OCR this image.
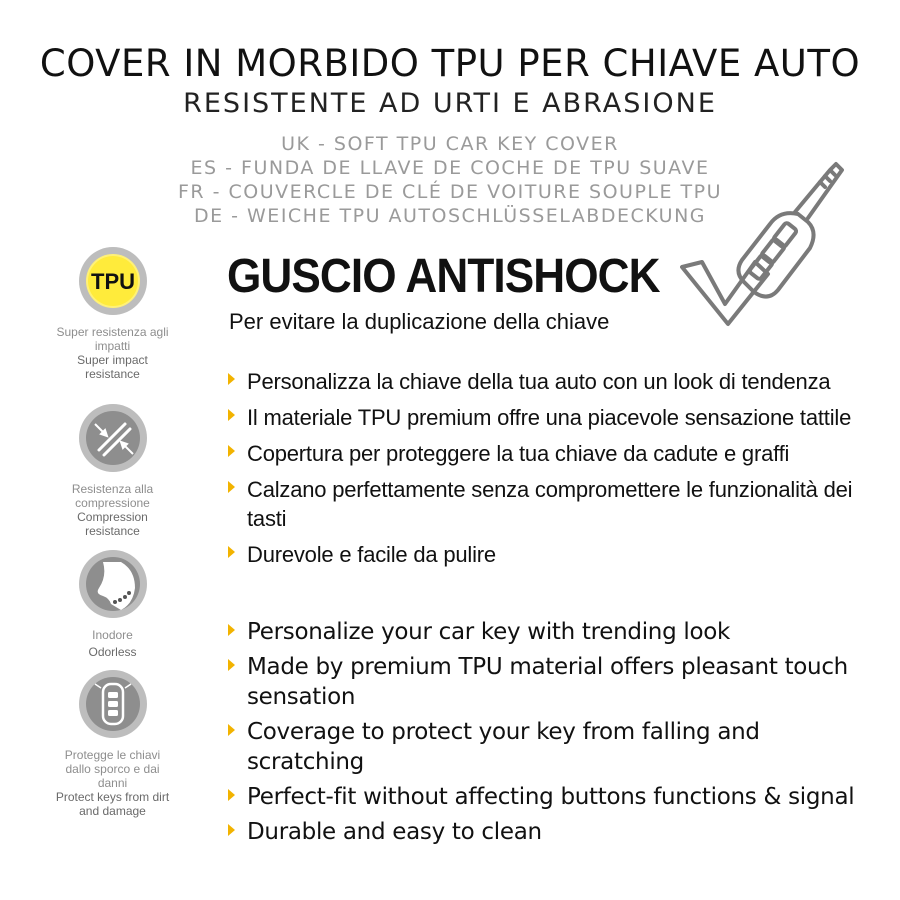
COVER IN MORBIDO TPU PER CHIAVE AUTO
RESISTENTE AD URTI E ABRASIONE
UK - SOFT TPU CAR KEY COVER
ES - FUNDA DE LLAVE DE COCHE DE TPU SUAVE
FR - COUVERCLE DE CLÉ DE VOITURE SOUPLE TPU
DE - WEICHE TPU AUTOSCHLÜSSELABDECKUNG
GUSCIO ANTISHOCK
Per evitare la duplicazione della chiave
TPU
Super resistenza agli impatti
Super impact resistance
Resistenza alla compressione
Compression resistance
Inodore
Odorless
Protegge le chiavi dallo sporco e dai danni
Protect keys from dirt and damage
Personalizza la chiave della tua auto con un look di tendenza
Il materiale TPU premium offre una piacevole sensazione tattile
Copertura per proteggere la tua chiave da cadute e graffi
Calzano perfettamente senza compromettere le funzionalità dei tasti
Durevole e facile da pulire
Personalize your car key with trending look
Made by premium TPU material offers pleasant touch sensation
Coverage to protect your key from falling and scratching
Perfect-fit without affecting buttons functions & signal
Durable and easy to clean
